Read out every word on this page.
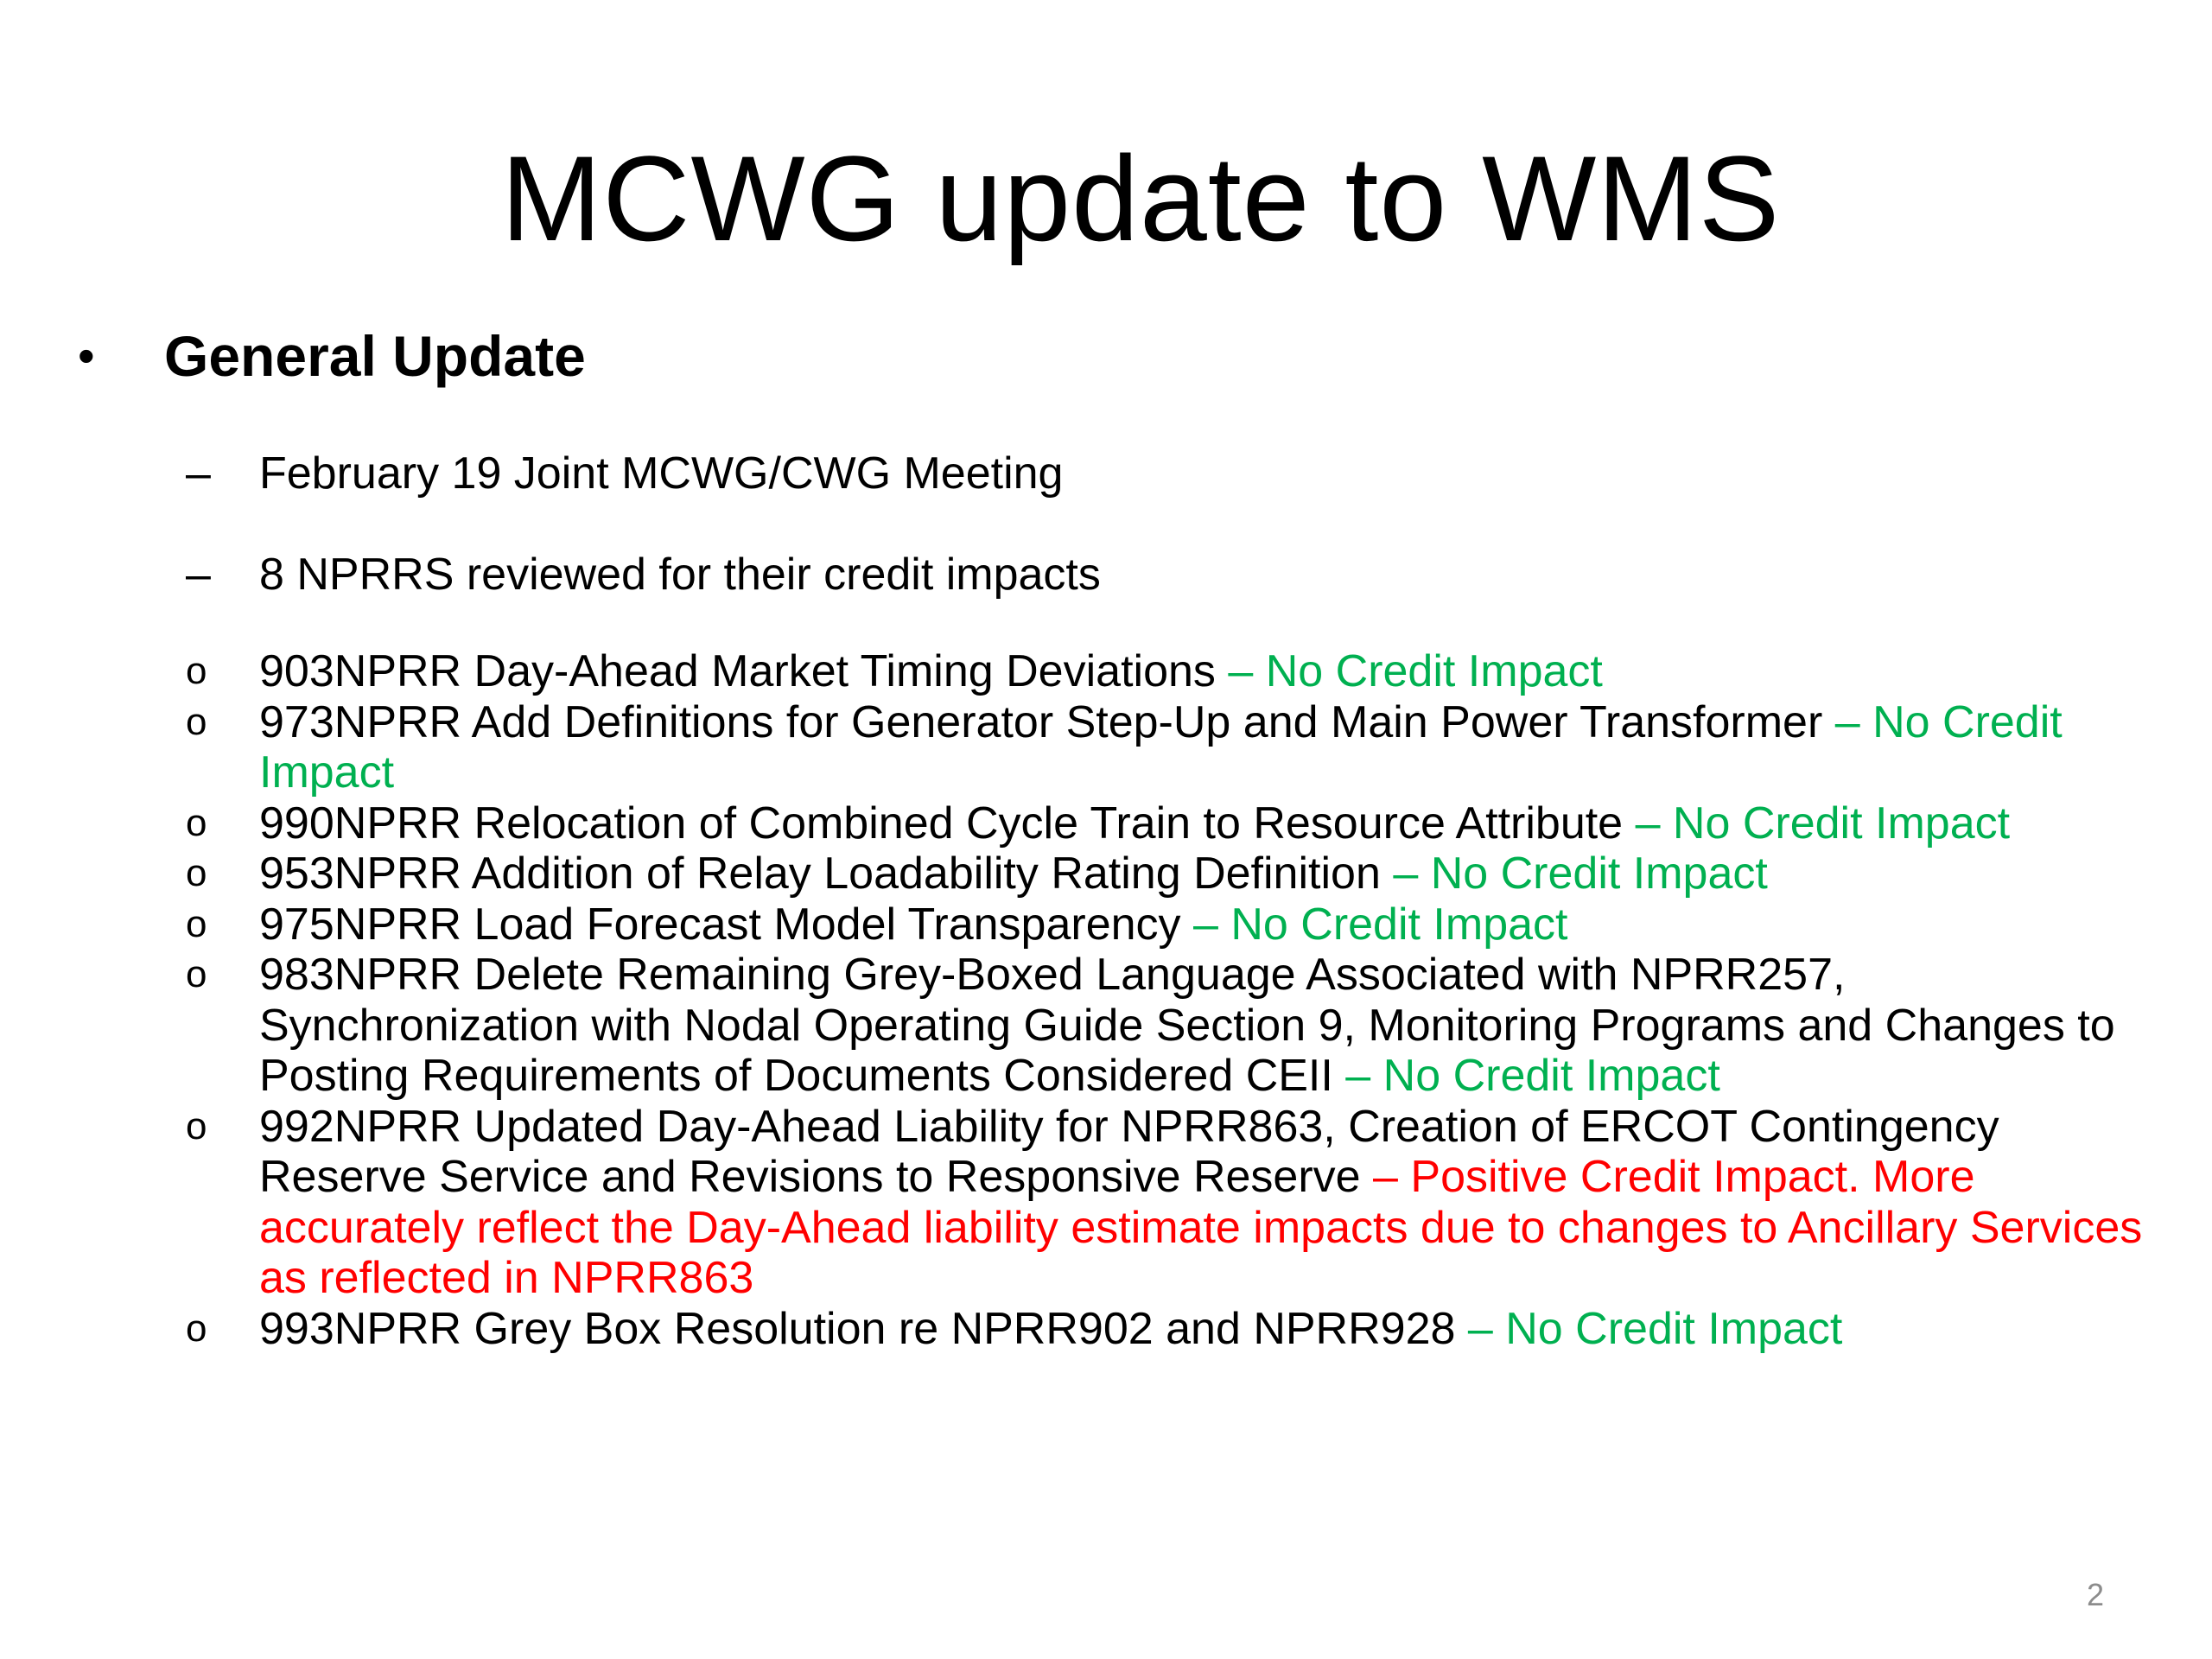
MCWG update to WMS
•	General Update
–	February 19 Joint MCWG/CWG Meeting
–	8 NPRRS reviewed for their credit impacts
o	903NPRR Day-Ahead Market Timing Deviations – No Credit Impact
o	973NPRR Add Definitions for Generator Step-Up and Main Power Transformer – No Credit Impact
o	990NPRR Relocation of Combined Cycle Train to Resource Attribute – No Credit Impact
o	953NPRR Addition of Relay Loadability Rating Definition – No Credit Impact
o	975NPRR Load Forecast Model Transparency – No Credit Impact
o	983NPRR Delete Remaining Grey-Boxed Language Associated with NPRR257, Synchronization with Nodal Operating Guide Section 9, Monitoring Programs and Changes to Posting Requirements of Documents Considered CEII – No Credit Impact
o	992NPRR Updated Day-Ahead Liability for NPRR863, Creation of ERCOT Contingency Reserve Service and Revisions to Responsive Reserve – Positive Credit Impact. More accurately reflect the Day-Ahead liability estimate impacts due to changes to Ancillary Services as reflected in NPRR863
o	993NPRR Grey Box Resolution re NPRR902 and NPRR928 – No Credit Impact
2
